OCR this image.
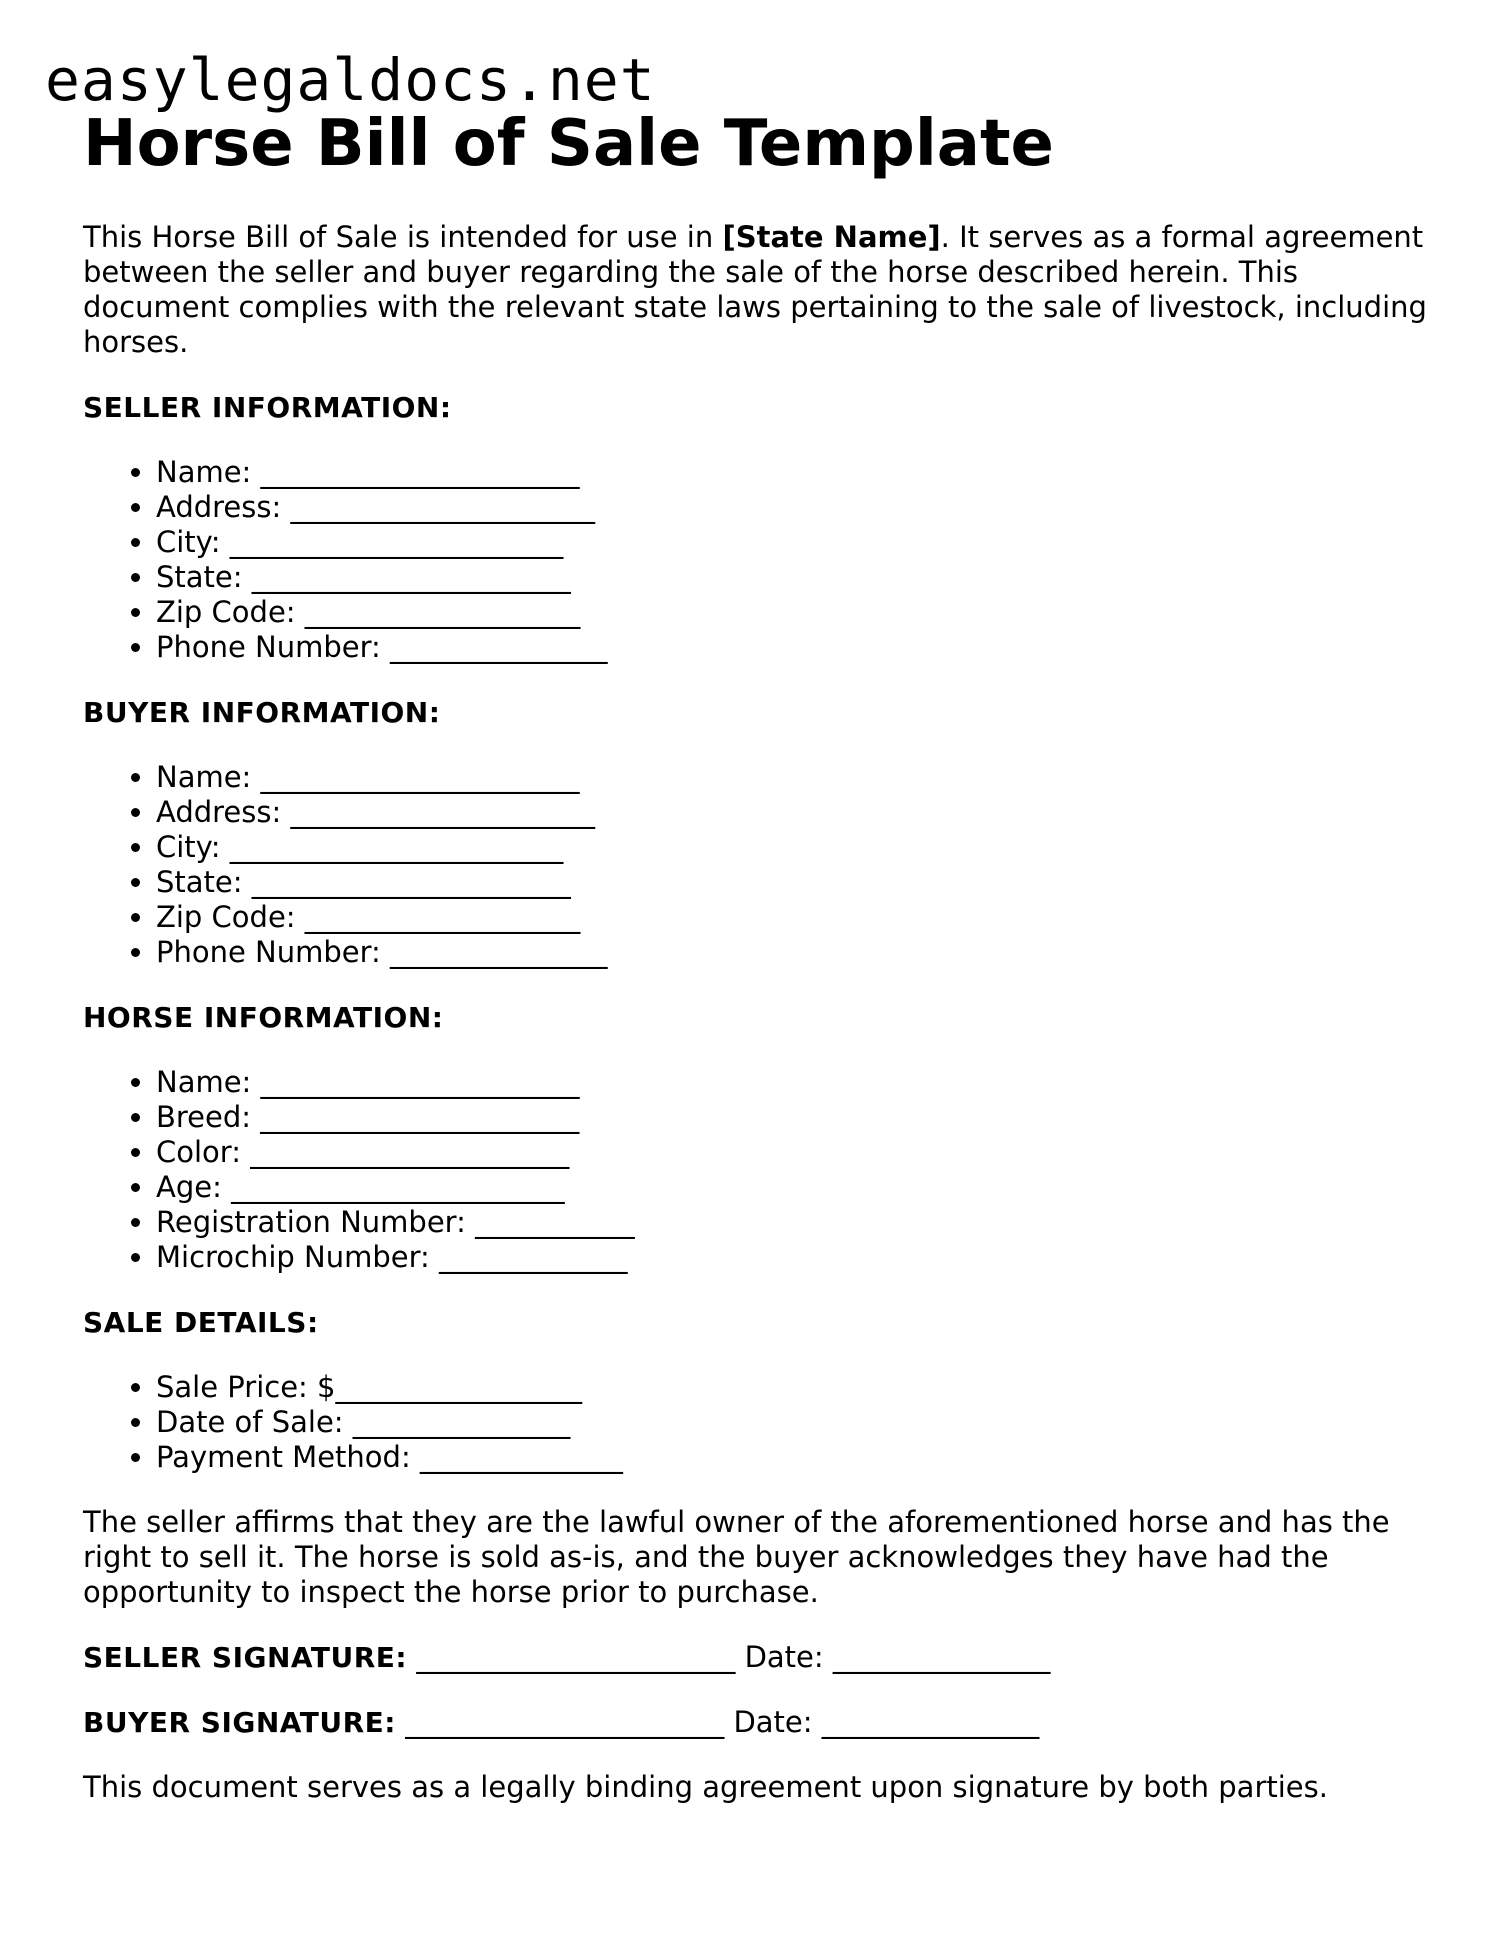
easylegaldocs.net
Horse Bill of Sale Template

This Horse Bill of Sale is intended for use in [State Name]. It serves as a formal agreement between the seller and buyer regarding the sale of the horse described herein. This document complies with the relevant state laws pertaining to the sale of livestock, including horses.

SELLER INFORMATION:
• Name: ______________________
• Address: _____________________
• City: _______________________
• State: ______________________
• Zip Code: ___________________
• Phone Number: _______________
BUYER INFORMATION:
• Name: ______________________
• Address: _____________________
• City: _______________________
• State: ______________________
• Zip Code: ___________________
• Phone Number: _______________
HORSE INFORMATION:
• Name: ______________________
• Breed: ______________________
• Color: ______________________
• Age: _______________________
• Registration Number: ___________
• Microchip Number: _____________
SALE DETAILS:
• Sale Price: $_________________
• Date of Sale: _______________
• Payment Method: ______________

The seller affirms that they are the lawful owner of the aforementioned horse and has the right to sell it. The horse is sold as-is, and the buyer acknowledges they have had the opportunity to inspect the horse prior to purchase.

SELLER SIGNATURE: ______________________ Date: _______________
BUYER SIGNATURE: ______________________ Date: _______________

This document serves as a legally binding agreement upon signature by both parties.
